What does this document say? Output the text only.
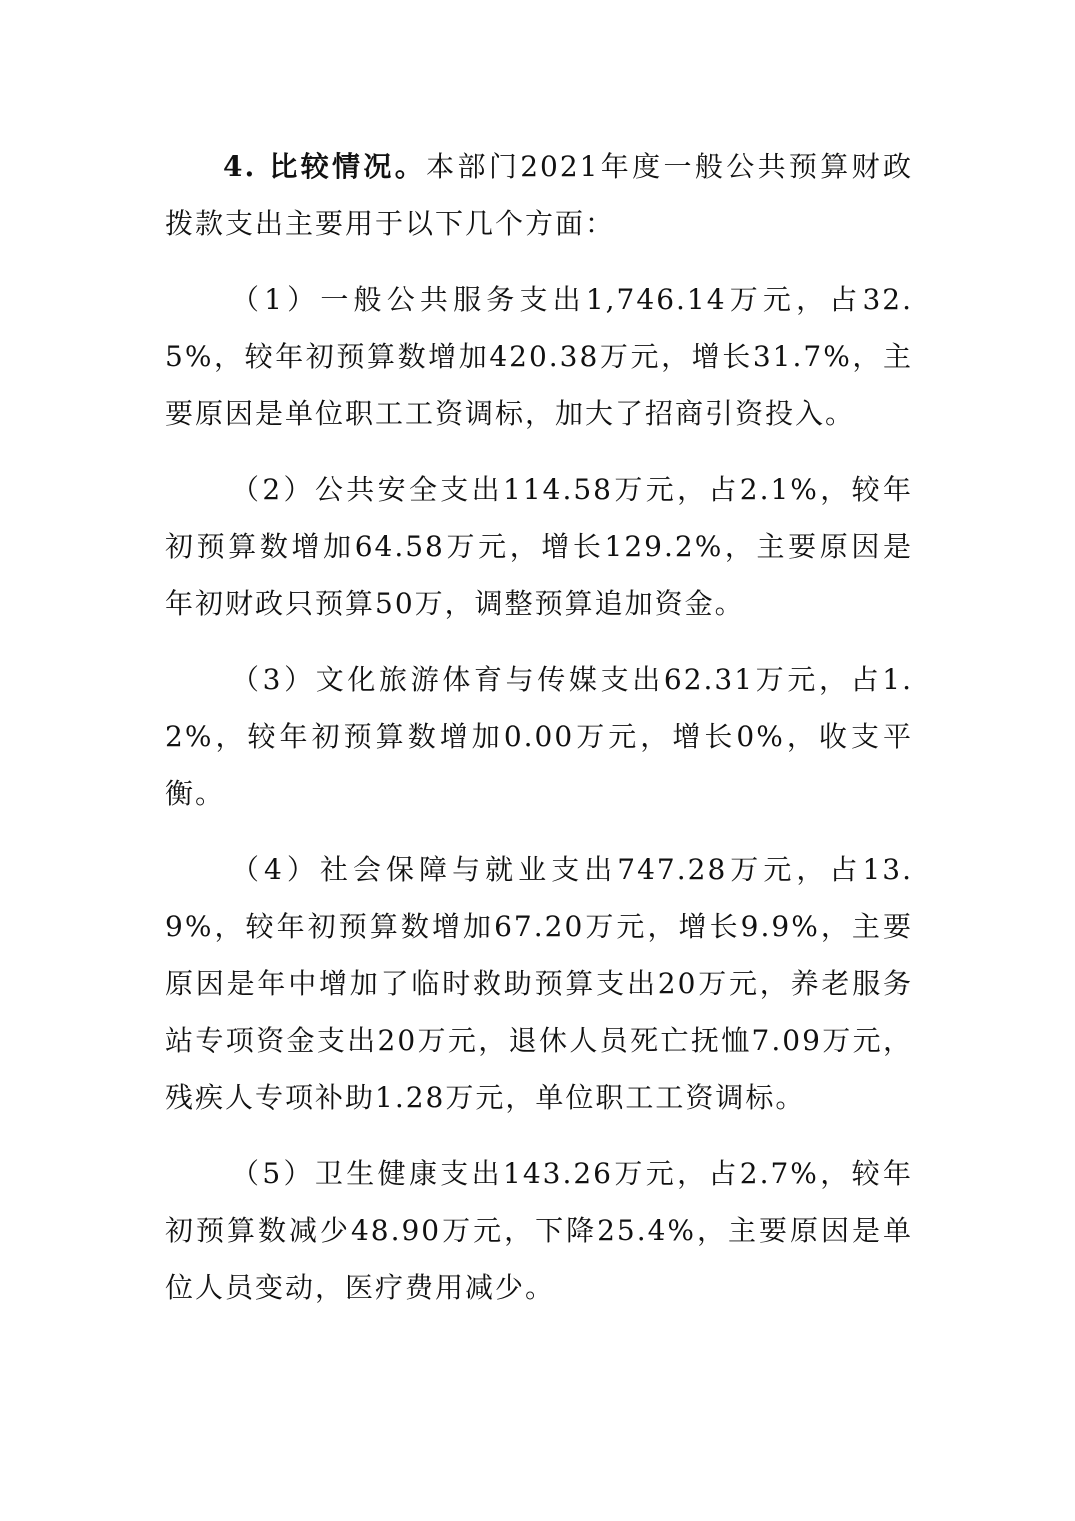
4. 比较情况。本部门2021年度一般公共预算财政拨款支出主要用于以下几个方面：

（1）一般公共服务支出1,746.14万元，占32.5%，较年初预算数增加420.38万元，增长31.7%，主要原因是单位职工工资调标，加大了招商引资投入。

（2）公共安全支出114.58万元，占2.1%，较年初预算数增加64.58万元，增长129.2%，主要原因是年初财政只预算50万，调整预算追加资金。

（3）文化旅游体育与传媒支出62.31万元，占1.2%，较年初预算数增加0.00万元，增长0%，收支平衡。

（4）社会保障与就业支出747.28万元，占13.9%，较年初预算数增加67.20万元，增长9.9%，主要原因是年中增加了临时救助预算支出20万元，养老服务站专项资金支出20万元，退休人员死亡抚恤7.09万元，残疾人专项补助1.28万元，单位职工工资调标。

（5）卫生健康支出143.26万元，占2.7%，较年初预算数减少48.90万元，下降25.4%，主要原因是单位人员变动，医疗费用减少。
